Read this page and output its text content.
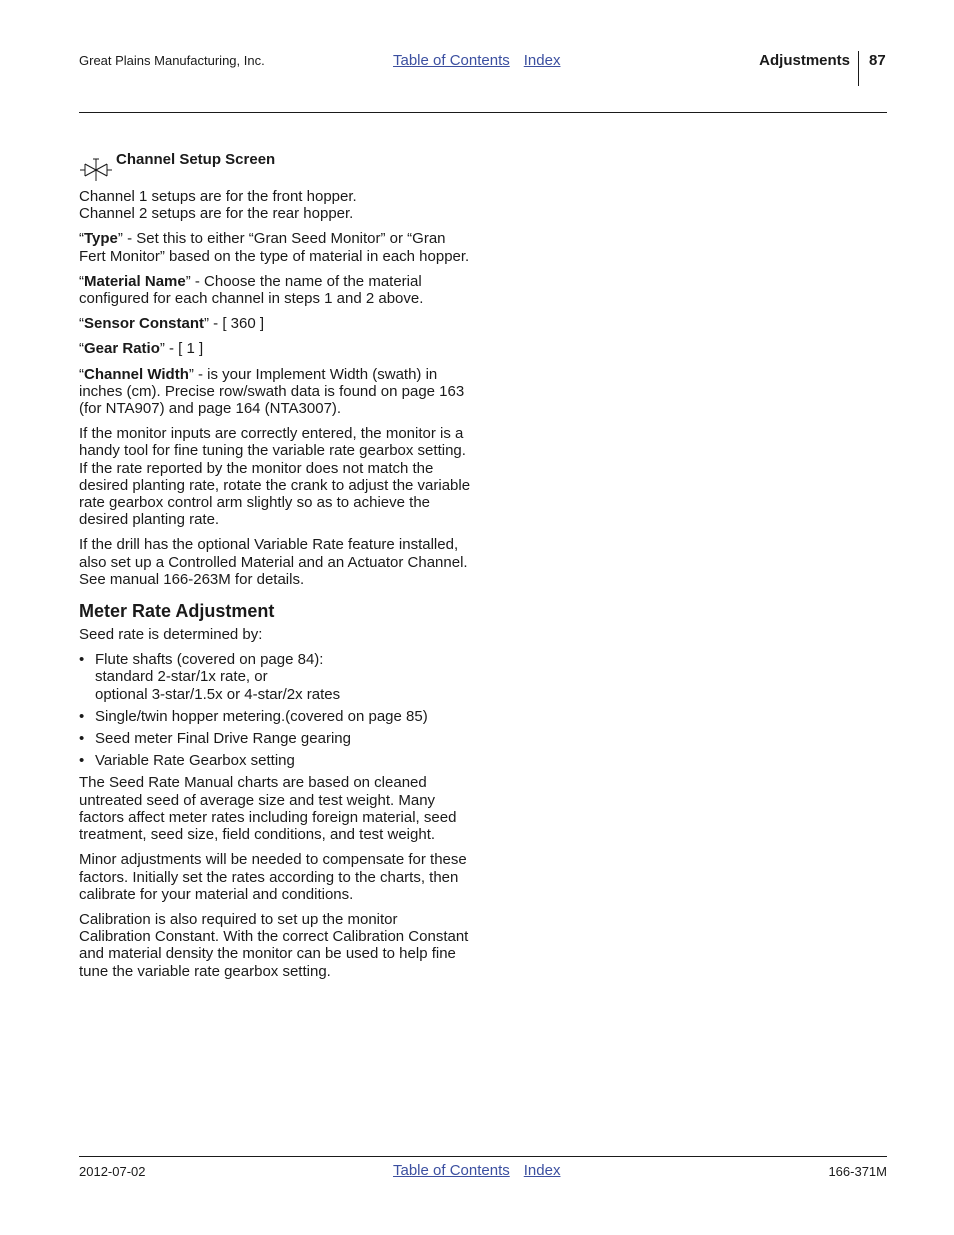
Great Plains Manufacturing, Inc.	Table of Contents Index	Adjustments 87
Channel Setup Screen

Channel 1 setups are for the front hopper.
Channel 2 setups are for the rear hopper.

“Type” - Set this to either “Gran Seed Monitor” or “Gran Fert Monitor” based on the type of material in each hopper.

“Material Name” - Choose the name of the material configured for each channel in steps 1 and 2 above.

“Sensor Constant” - [ 360 ]

“Gear Ratio” - [ 1 ]

“Channel Width” - is your Implement Width (swath) in inches (cm). Precise row/swath data is found on page 163 (for NTA907) and page 164 (NTA3007).

If the monitor inputs are correctly entered, the monitor is a handy tool for fine tuning the variable rate gearbox setting. If the rate reported by the monitor does not match the desired planting rate, rotate the crank to adjust the variable rate gearbox control arm slightly so as to achieve the desired planting rate.

If the drill has the optional Variable Rate feature installed, also set up a Controlled Material and an Actuator Channel. See manual 166-263M for details.

Meter Rate Adjustment

Seed rate is determined by:

• Flute shafts (covered on page 84):
standard 2-star/1x rate, or
optional 3-star/1.5x or 4-star/2x rates
• Single/twin hopper metering.(covered on page 85)
• Seed meter Final Drive Range gearing
• Variable Rate Gearbox setting

The Seed Rate Manual charts are based on cleaned untreated seed of average size and test weight. Many factors affect meter rates including foreign material, seed treatment, seed size, field conditions, and test weight.

Minor adjustments will be needed to compensate for these factors. Initially set the rates according to the charts, then calibrate for your material and conditions.

Calibration is also required to set up the monitor Calibration Constant. With the correct Calibration Constant and material density the monitor can be used to help fine tune the variable rate gearbox setting.

2012-07-02	Table of Contents Index	166-371M
